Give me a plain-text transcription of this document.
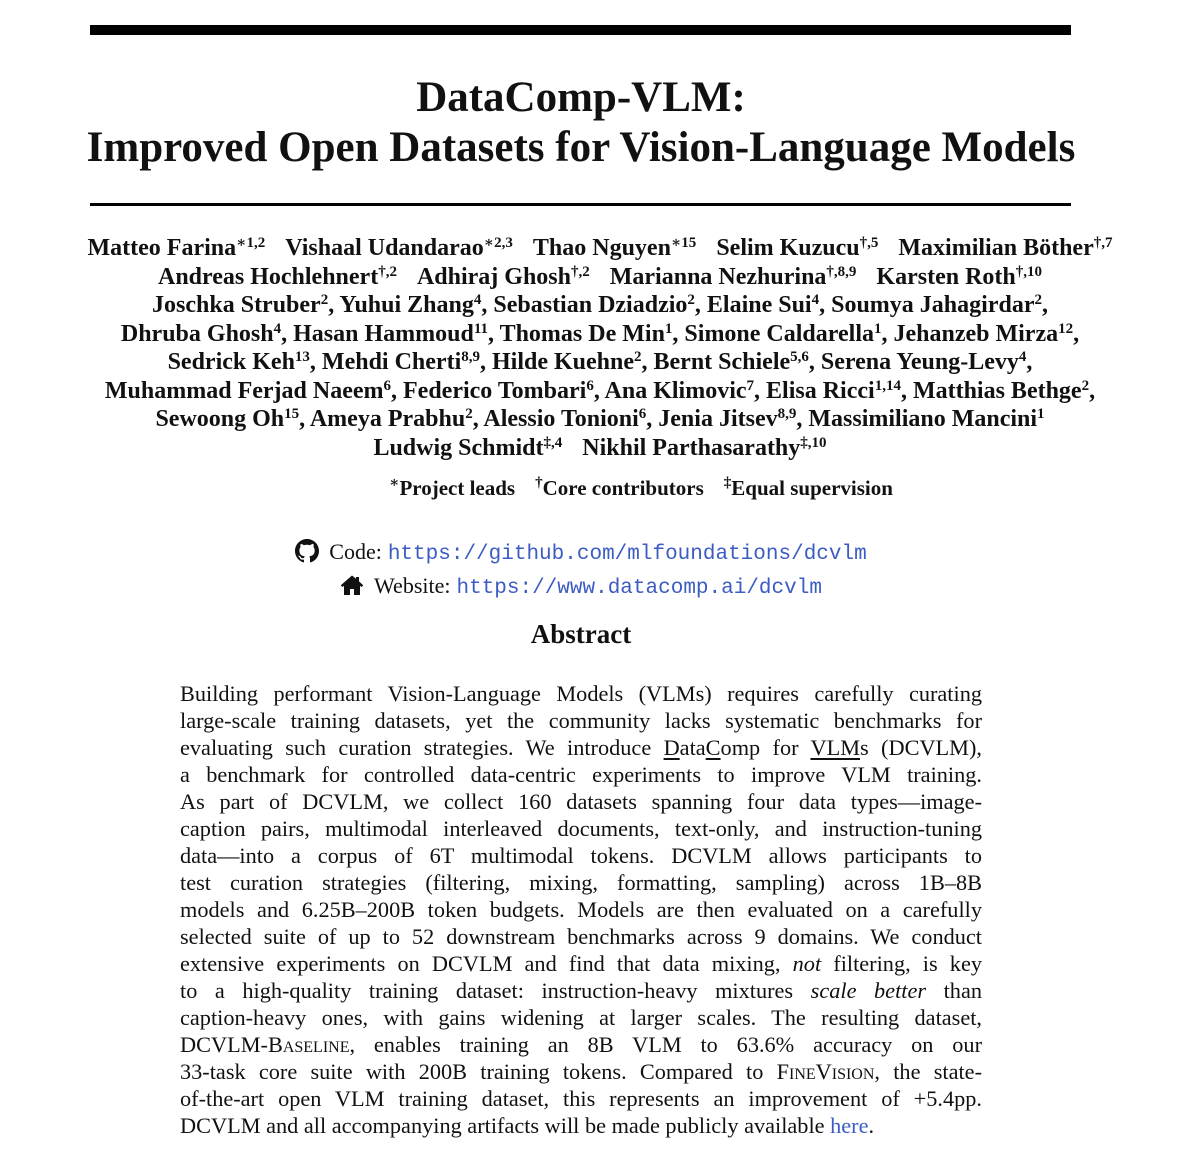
DataComp-VLM:
Improved Open Datasets for Vision-Language Models
Matteo Farina$^{∗1,2}$ Vishaal Udandarao$^{∗2,3}$ Thao Nguyen$^{∗15}$ Selim Kuzucu$^{\dagger,5}$ Maximilian Böther$^{\dagger,7}$
Andreas Hochlehnert$^{\dagger,2}$ Adhiraj Ghosh$^{\dagger,2}$ Marianna Nezhurina$^{\dagger,8,9}$ Karsten Roth$^{\dagger,10}$
Joschka Struber$^2$, Yuhui Zhang$^4$, Sebastian Dziadzio$^2$, Elaine Sui$^4$, Soumya Jahagirdar$^2$,
Dhruba Ghosh$^4$, Hasan Hammoud$^{11}$, Thomas De Min$^1$, Simone Caldarella$^1$, Jehanzeb Mirza$^{12}$,
Sedrick Keh$^{13}$, Mehdi Cherti$^{8,9}$, Hilde Kuehne$^2$, Bernt Schiele$^{5,6}$, Serena Yeung-Levy$^4$,
Muhammad Ferjad Naeem$^6$, Federico Tombari$^6$, Ana Klimovic$^7$, Elisa Ricci$^{1,14}$, Matthias Bethge$^2$,
Sewoong Oh$^{15}$, Ameya Prabhu$^2$, Alessio Tonioni$^6$, Jenia Jitsev$^{8,9}$, Massimiliano Mancini$^1$
Ludwig Schmidt$^{\ddagger,4}$ Nikhil Parthasarathy$^{\ddagger,10}$
∗Project leads †Core contributors ‡Equal supervision
Code: https://github.com/mlfoundations/dcvlm
Website: https://www.datacomp.ai/dcvlm
Abstract
Building performant Vision-Language Models (VLMs) requires carefully curating
large-scale training datasets, yet the community lacks systematic benchmarks for
evaluating such curation strategies. We introduce DataComp for VLMs (DCVLM),
a benchmark for controlled data-centric experiments to improve VLM training.
As part of DCVLM, we collect 160 datasets spanning four data types—image-
caption pairs, multimodal interleaved documents, text-only, and instruction-tuning
data—into a corpus of 6T multimodal tokens. DCVLM allows participants to
test curation strategies (filtering, mixing, formatting, sampling) across 1B–8B
models and 6.25B–200B token budgets. Models are then evaluated on a carefully
selected suite of up to 52 downstream benchmarks across 9 domains. We conduct
extensive experiments on DCVLM and find that data mixing, not filtering, is key
to a high-quality training dataset: instruction-heavy mixtures scale better than
caption-heavy ones, with gains widening at larger scales. The resulting dataset,
DCVLM-Baseline, enables training an 8B VLM to 63.6% accuracy on our
33-task core suite with 200B training tokens. Compared to FineVision, the state-
of-the-art open VLM training dataset, this represents an improvement of +5.4pp.
DCVLM and all accompanying artifacts will be made publicly available here.
